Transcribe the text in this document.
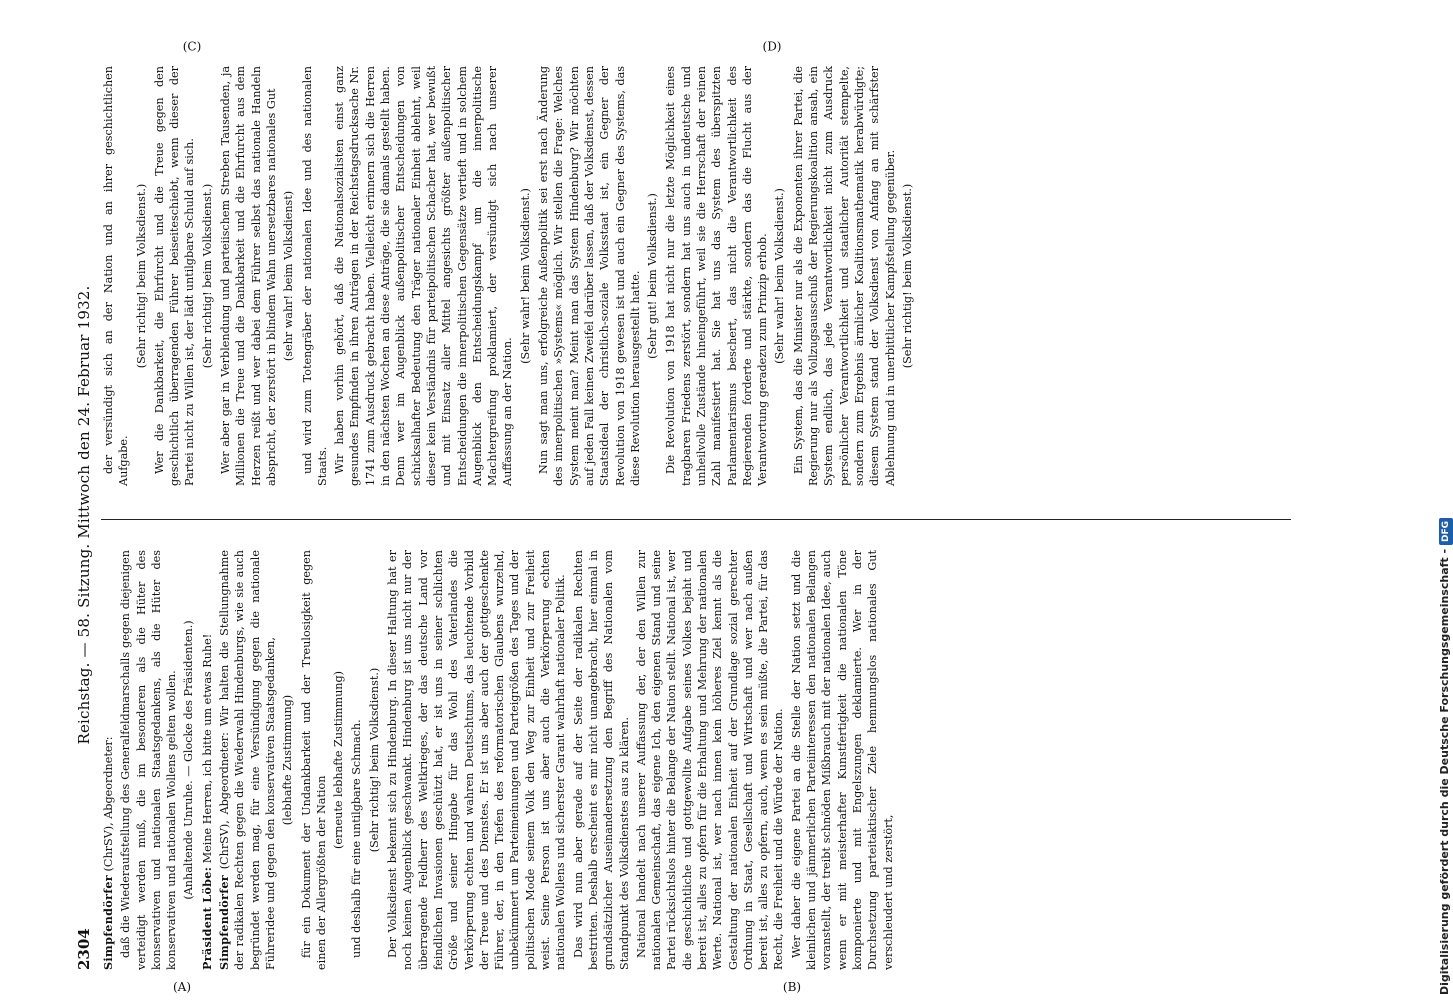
2304
Reichstag. — 58. Sitzung. Mittwoch den 24. Februar 1932.
(A)	(B)
(C)	(D)

Simpfendörfer (ChrSV), Abgeordneter: daß die Wiederaufstellung des Generalfeldmarschalls gegen diejenigen verteidigt werden muß, die im besonderen als die Hüter des konservativen und nationalen Staatsgedankens, als die Hüter des konservativen und nationalen Wollens gelten wollen. (Anhaltende Unruhe. — Glocke des Präsidenten.)

Präsident Löbe: Meine Herren, ich bitte um etwas Ruhe!

Simpfendörfer (ChrSV), Abgeordneter: Wir halten die Stellungnahme der radikalen Rechten gegen die Wiederwahl Hindenburgs, wie sie auch begründet werden mag, für eine Versündigung gegen die nationale Führeridee und gegen den konservativen Staatsgedanken, (lebhafte Zustimmung) für ein Dokument der Undankbarkeit und der Treulosigkeit gegen einen der Allergrößten der Nation

(erneute lebhafte Zustimmung) und deshalb für eine untilgbare Schmach. (Sehr richtig! beim Volksdienst.) Der Volksdienst bekennt sich zu Hindenburg. In dieser Haltung hat er noch keinen Augenblick geschwankt. Hindenburg ist uns nicht nur der überragende Feldherr des Weltkrieges, der das deutsche Land vor feindlichen Invasionen geschützt hat, er ist uns in seiner schlichten Größe und seiner Hingabe für das Wohl des Vaterlandes die Verkörperung echten und wahren Deutschtums, das leuchtende Vorbild der Treue und des Dienstes. Er ist uns aber auch der gottgeschenkte Führer, der, in den Tiefen des reformatorischen Glaubens wurzelnd, unbekümmert um Parteimeinungen und Parteigrößen des Tages und der politischen Mode seinem Volk den Weg zur Einheit und zur Freiheit weist. Seine Person ist uns aber auch die Verkörperung echten nationalen Wollens und sicherster Garant wahrhaft nationaler Politik. Das wird nun aber gerade auf der Seite der radikalen Rechten bestritten. Deshalb erscheint es mir nicht unangebracht, hier einmal in grundsätzlicher Auseinandersetzung den Begriff des Nationalen vom Standpunkt des Volksdienstes aus zu klären. National handelt nach unserer Auffassung der, der den Willen zur nationalen Gemeinschaft, das eigene Ich, den eigenen Stand und seine Partei rücksichtslos hinter die Belange der Nation stellt. National ist, wer die geschichtliche und gottgewollte Aufgabe seines Volkes bejaht und bereit ist, alles zu opfern für die Erhaltung und Mehrung der nationalen Werte. National ist, wer nach innen kein höheres Ziel kennt als die Gestaltung der nationalen Einheit auf der Grundlage sozial gerechter Ordnung in Staat, Gesellschaft und Wirtschaft und wer nach außen bereit ist, alles zu opfern, auch, wenn es sein müßte, die Partei, für das Recht, die Freiheit und die Würde der Nation. Wer daher die eigene Partei an die Stelle der Nation setzt und die kleinlichen und jämmerlichen Parteiinteressen den nationalen Belangen voranstellt, der treibt schnöden Mißbrauch mit der nationalen Idee, auch wenn er mit meisterhafter Kunstfertigkeit die nationalen Töne komponierte und mit Engelszungen deklamierte. Wer in der Durchsetzung parteitaktischer Ziele hemmungslos nationales Gut verschleudert und zerstört,

der versündigt sich an der Nation und an ihrer geschichtlichen Aufgabe.

(Sehr richtig! beim Volksdienst.) Wer die Dankbarkeit, die Ehrfurcht und die Treue gegen den geschichtlich überragenden Führer beiseiteschiebt, wenn dieser der Partei nicht zu Willen ist, der lädt untilgbare Schuld auf sich. (Sehr richtig! beim Volksdienst.) Wer aber gar in Verblendung und parteiischem Streben Tausenden, ja Millionen die Treue und die Dankbarkeit und die Ehrfurcht aus dem Herzen reißt und wer dabei dem Führer selbst das nationale Handeln abspricht, der zerstört in blindem Wahn unersetzbares nationales Gut (sehr wahr! beim Volksdienst) und wird zum Totengräber der nationalen Idee und des nationalen Staats. Wir haben vorhin gehört, daß die Nationalsozialisten einst ganz gesundes Empfinden in ihren Anträgen in der Reichstagsdrucksache Nr. 1741 zum Ausdruck gebracht haben. Vielleicht erinnern sich die Herren in den nächsten Wochen an diese Anträge, die sie damals gestellt haben. Denn wer im Augenblick außenpolitischer Entscheidungen von schicksalhafter Bedeutung den Träger nationaler Einheit ablehnt, weil dieser kein Verständnis für parteipolitischen Schacher hat, wer bewußt und mit Einsatz aller Mittel angesichts größter außenpolitischer Entscheidungen die innerpolitischen Gegensätze vertieft und in solchem Augenblick den Entscheidungskampf um die innerpolitische Machtergreifung proklamiert, der versündigt sich nach unserer Auffassung an der Nation.

(Sehr wahr! beim Volksdienst.) Nun sagt man uns, erfolgreiche Außenpolitik sei erst nach Änderung des innerpolitischen »Systems« möglich. Wir stellen die Frage: Welches System meint man? Meint man das System Hindenburg? Wir möchten auf jeden Fall keinen Zweifel darüber lassen, daß der Volksdienst, dessen Staatsideal der christlich-soziale Volksstaat ist, ein Gegner der Revolution von 1918 gewesen ist und auch ein Gegner des Systems, das diese Revolution herausgestellt hatte. (Sehr gut! beim Volksdienst.) Die Revolution von 1918 hat nicht nur die letzte Möglichkeit eines tragbaren Friedens zerstört, sondern hat uns auch in undeutsche und unheilvolle Zustände hineingeführt, weil sie die Herrschaft der reinen Zahl manifestiert hat. Sie hat uns das System des überspitzten Parlamentarismus beschert, das nicht die Verantwortlichkeit des Regierenden forderte und stärkte, sondern das die Flucht aus der Verantwortung geradezu zum Prinzip erhob. (Sehr wahr! beim Volksdienst.) Ein System, das die Minister nur als die Exponenten ihrer Partei, die Regierung nur als Vollzugsausschuß der Regierungskoalition ansah, ein System endlich, das jede Verantwortlichkeit nicht zum Ausdruck persönlicher Verantwortlichkeit und staatlicher Autorität stempelte, sondern zum Ergebnis ärmlicher Koalitionsmathematik herabwürdigte; diesem System stand der Volksdienst von Anfang an mit schärfster Ablehnung und in unerbittlicher Kampfstellung gegenüber. (Sehr richtig! beim Volksdienst.)

Digitalisierung gefördert durch die Deutsche Forschungsgemeinschaft -DFG
